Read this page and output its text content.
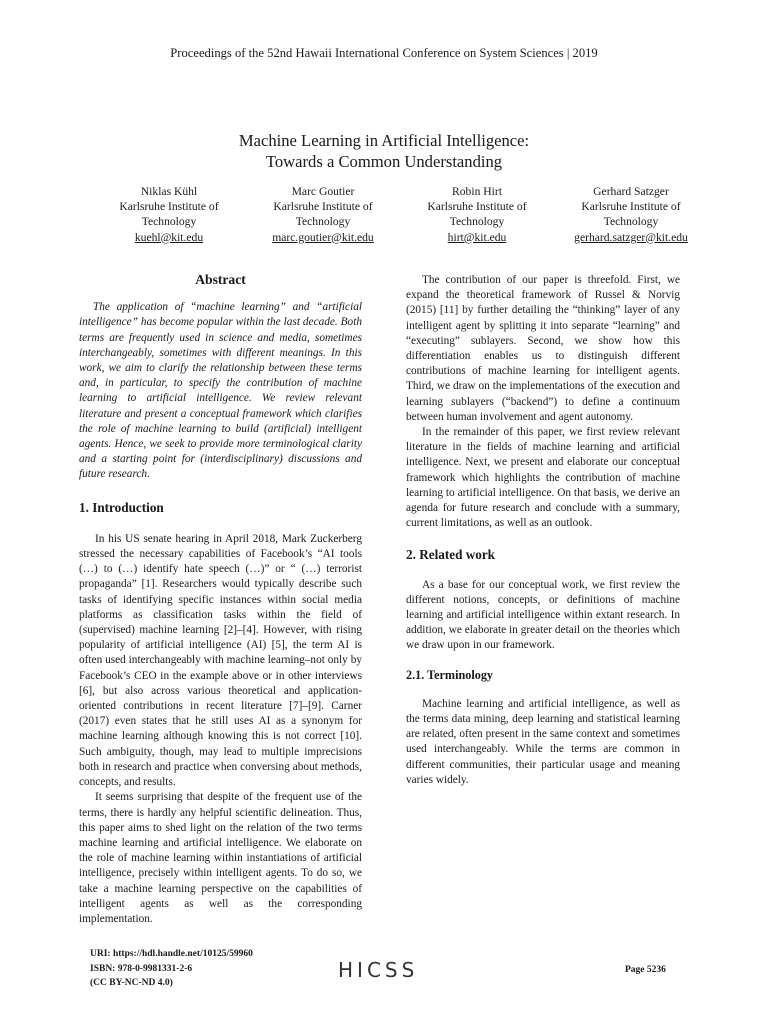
Proceedings of the 52nd Hawaii International Conference on System Sciences | 2019
Machine Learning in Artificial Intelligence:
Towards a Common Understanding
Niklas Kühl
Karlsruhe Institute of
Technology
kuehl@kit.edu
Marc Goutier
Karlsruhe Institute of
Technology
marc.goutier@kit.edu
Robin Hirt
Karlsruhe Institute of
Technology
hirt@kit.edu
Gerhard Satzger
Karlsruhe Institute of
Technology
gerhard.satzger@kit.edu
Abstract

The application of “machine learning” and “artificial intelligence” has become popular within the last decade. Both terms are frequently used in science and media, sometimes interchangeably, sometimes with different meanings. In this work, we aim to clarify the relationship between these terms and, in particular, to specify the contribution of machine learning to artificial intelligence. We review relevant literature and present a conceptual framework which clarifies the role of machine learning to build (artificial) intelligent agents. Hence, we seek to provide more terminological clarity and a starting point for (interdisciplinary) discussions and future research.

1. Introduction

In his US senate hearing in April 2018, Mark Zuckerberg stressed the necessary capabilities of Facebook’s “AI tools (…) to (…) identify hate speech (…)” or “ (…) terrorist propaganda” [1]. Researchers would typically describe such tasks of identifying specific instances within social media platforms as classification tasks within the field of (supervised) machine learning [2]–[4]. However, with rising popularity of artificial intelligence (AI) [5], the term AI is often used interchangeably with machine learning–not only by Facebook’s CEO in the example above or in other interviews [6], but also across various theoretical and application-oriented contributions in recent literature [7]–[9]. Carner (2017) even states that he still uses AI as a synonym for machine learning although knowing this is not correct [10]. Such ambiguity, though, may lead to multiple imprecisions both in research and practice when conversing about methods, concepts, and results.

It seems surprising that despite of the frequent use of the terms, there is hardly any helpful scientific delineation. Thus, this paper aims to shed light on the relation of the two terms machine learning and artificial intelligence. We elaborate on the role of machine learning within instantiations of artificial intelligence, precisely within intelligent agents. To do so, we take a machine learning perspective on the capabilities of intelligent agents as well as the corresponding implementation.

The contribution of our paper is threefold. First, we expand the theoretical framework of Russel & Norvig (2015) [11] by further detailing the “thinking” layer of any intelligent agent by splitting it into separate “learning” and “executing” sublayers. Second, we show how this differentiation enables us to distinguish different contributions of machine learning for intelligent agents. Third, we draw on the implementations of the execution and learning sublayers (“backend”) to define a continuum between human involvement and agent autonomy.

In the remainder of this paper, we first review relevant literature in the fields of machine learning and artificial intelligence. Next, we present and elaborate our conceptual framework which highlights the contribution of machine learning to artificial intelligence. On that basis, we derive an agenda for future research and conclude with a summary, current limitations, as well as an outlook.

2. Related work

As a base for our conceptual work, we first review the different notions, concepts, or definitions of machine learning and artificial intelligence within extant research. In addition, we elaborate in greater detail on the theories which we draw upon in our framework.

2.1. Terminology

Machine learning and artificial intelligence, as well as the terms data mining, deep learning and statistical learning are related, often present in the same context and sometimes used interchangeably. While the terms are common in different communities, their particular usage and meaning varies widely.

URI: https://hdl.handle.net/10125/59960
ISBN: 978-0-9981331-2-6
(CC BY-NC-ND 4.0)
HICSS	Page 5236
